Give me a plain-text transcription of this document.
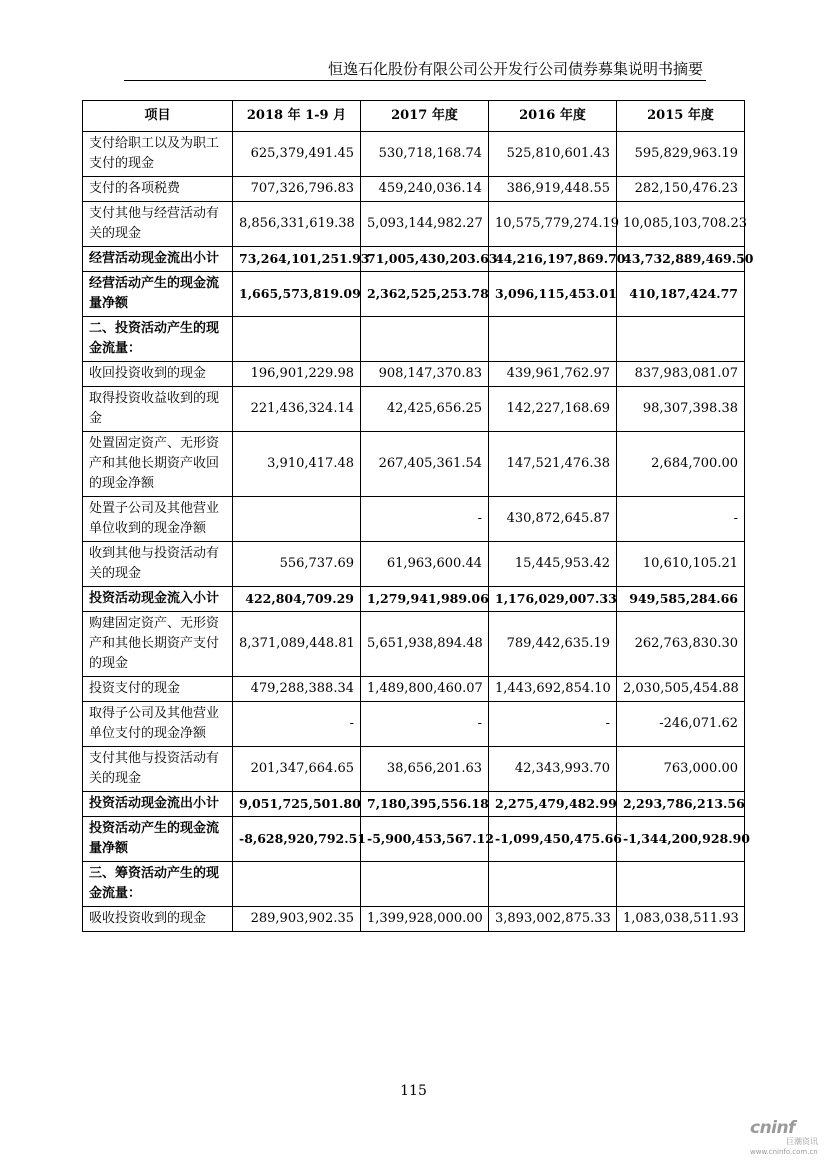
恒逸石化股份有限公司公开发行公司债券募集说明书摘要
项目	2018 年 1-9 月	2017 年度	2016 年度	2015 年度
支付给职工以及为职工支付的现金	625,379,491.45	530,718,168.74	525,810,601.43	595,829,963.19
支付的各项税费	707,326,796.83	459,240,036.14	386,919,448.55	282,150,476.23
支付其他与经营活动有关的现金	8,856,331,619.38	5,093,144,982.27	10,575,779,274.19	10,085,103,708.23
经营活动现金流出小计	73,264,101,251.93	71,005,430,203.63	44,216,197,869.70	43,732,889,469.50
经营活动产生的现金流量净额	1,665,573,819.09	2,362,525,253.78	3,096,115,453.01	410,187,424.77
二、投资活动产生的现金流量：				
收回投资收到的现金	196,901,229.98	908,147,370.83	439,961,762.97	837,983,081.07
取得投资收益收到的现金	221,436,324.14	42,425,656.25	142,227,168.69	98,307,398.38
处置固定资产、无形资产和其他长期资产收回的现金净额	3,910,417.48	267,405,361.54	147,521,476.38	2,684,700.00
处置子公司及其他营业单位收到的现金净额		-	430,872,645.87	-
收到其他与投资活动有关的现金	556,737.69	61,963,600.44	15,445,953.42	10,610,105.21
投资活动现金流入小计	422,804,709.29	1,279,941,989.06	1,176,029,007.33	949,585,284.66
购建固定资产、无形资产和其他长期资产支付的现金	8,371,089,448.81	5,651,938,894.48	789,442,635.19	262,763,830.30
投资支付的现金	479,288,388.34	1,489,800,460.07	1,443,692,854.10	2,030,505,454.88
取得子公司及其他营业单位支付的现金净额	-	-	-	-246,071.62
支付其他与投资活动有关的现金	201,347,664.65	38,656,201.63	42,343,993.70	763,000.00
投资活动现金流出小计	9,051,725,501.80	7,180,395,556.18	2,275,479,482.99	2,293,786,213.56
投资活动产生的现金流量净额	-8,628,920,792.51	-5,900,453,567.12	-1,099,450,475.66	-1,344,200,928.90
三、筹资活动产生的现金流量：				
吸收投资收到的现金	289,903,902.35	1,399,928,000.00	3,893,002,875.33	1,083,038,511.93
115
cninf
巨潮资讯
www.cninfo.com.cn
